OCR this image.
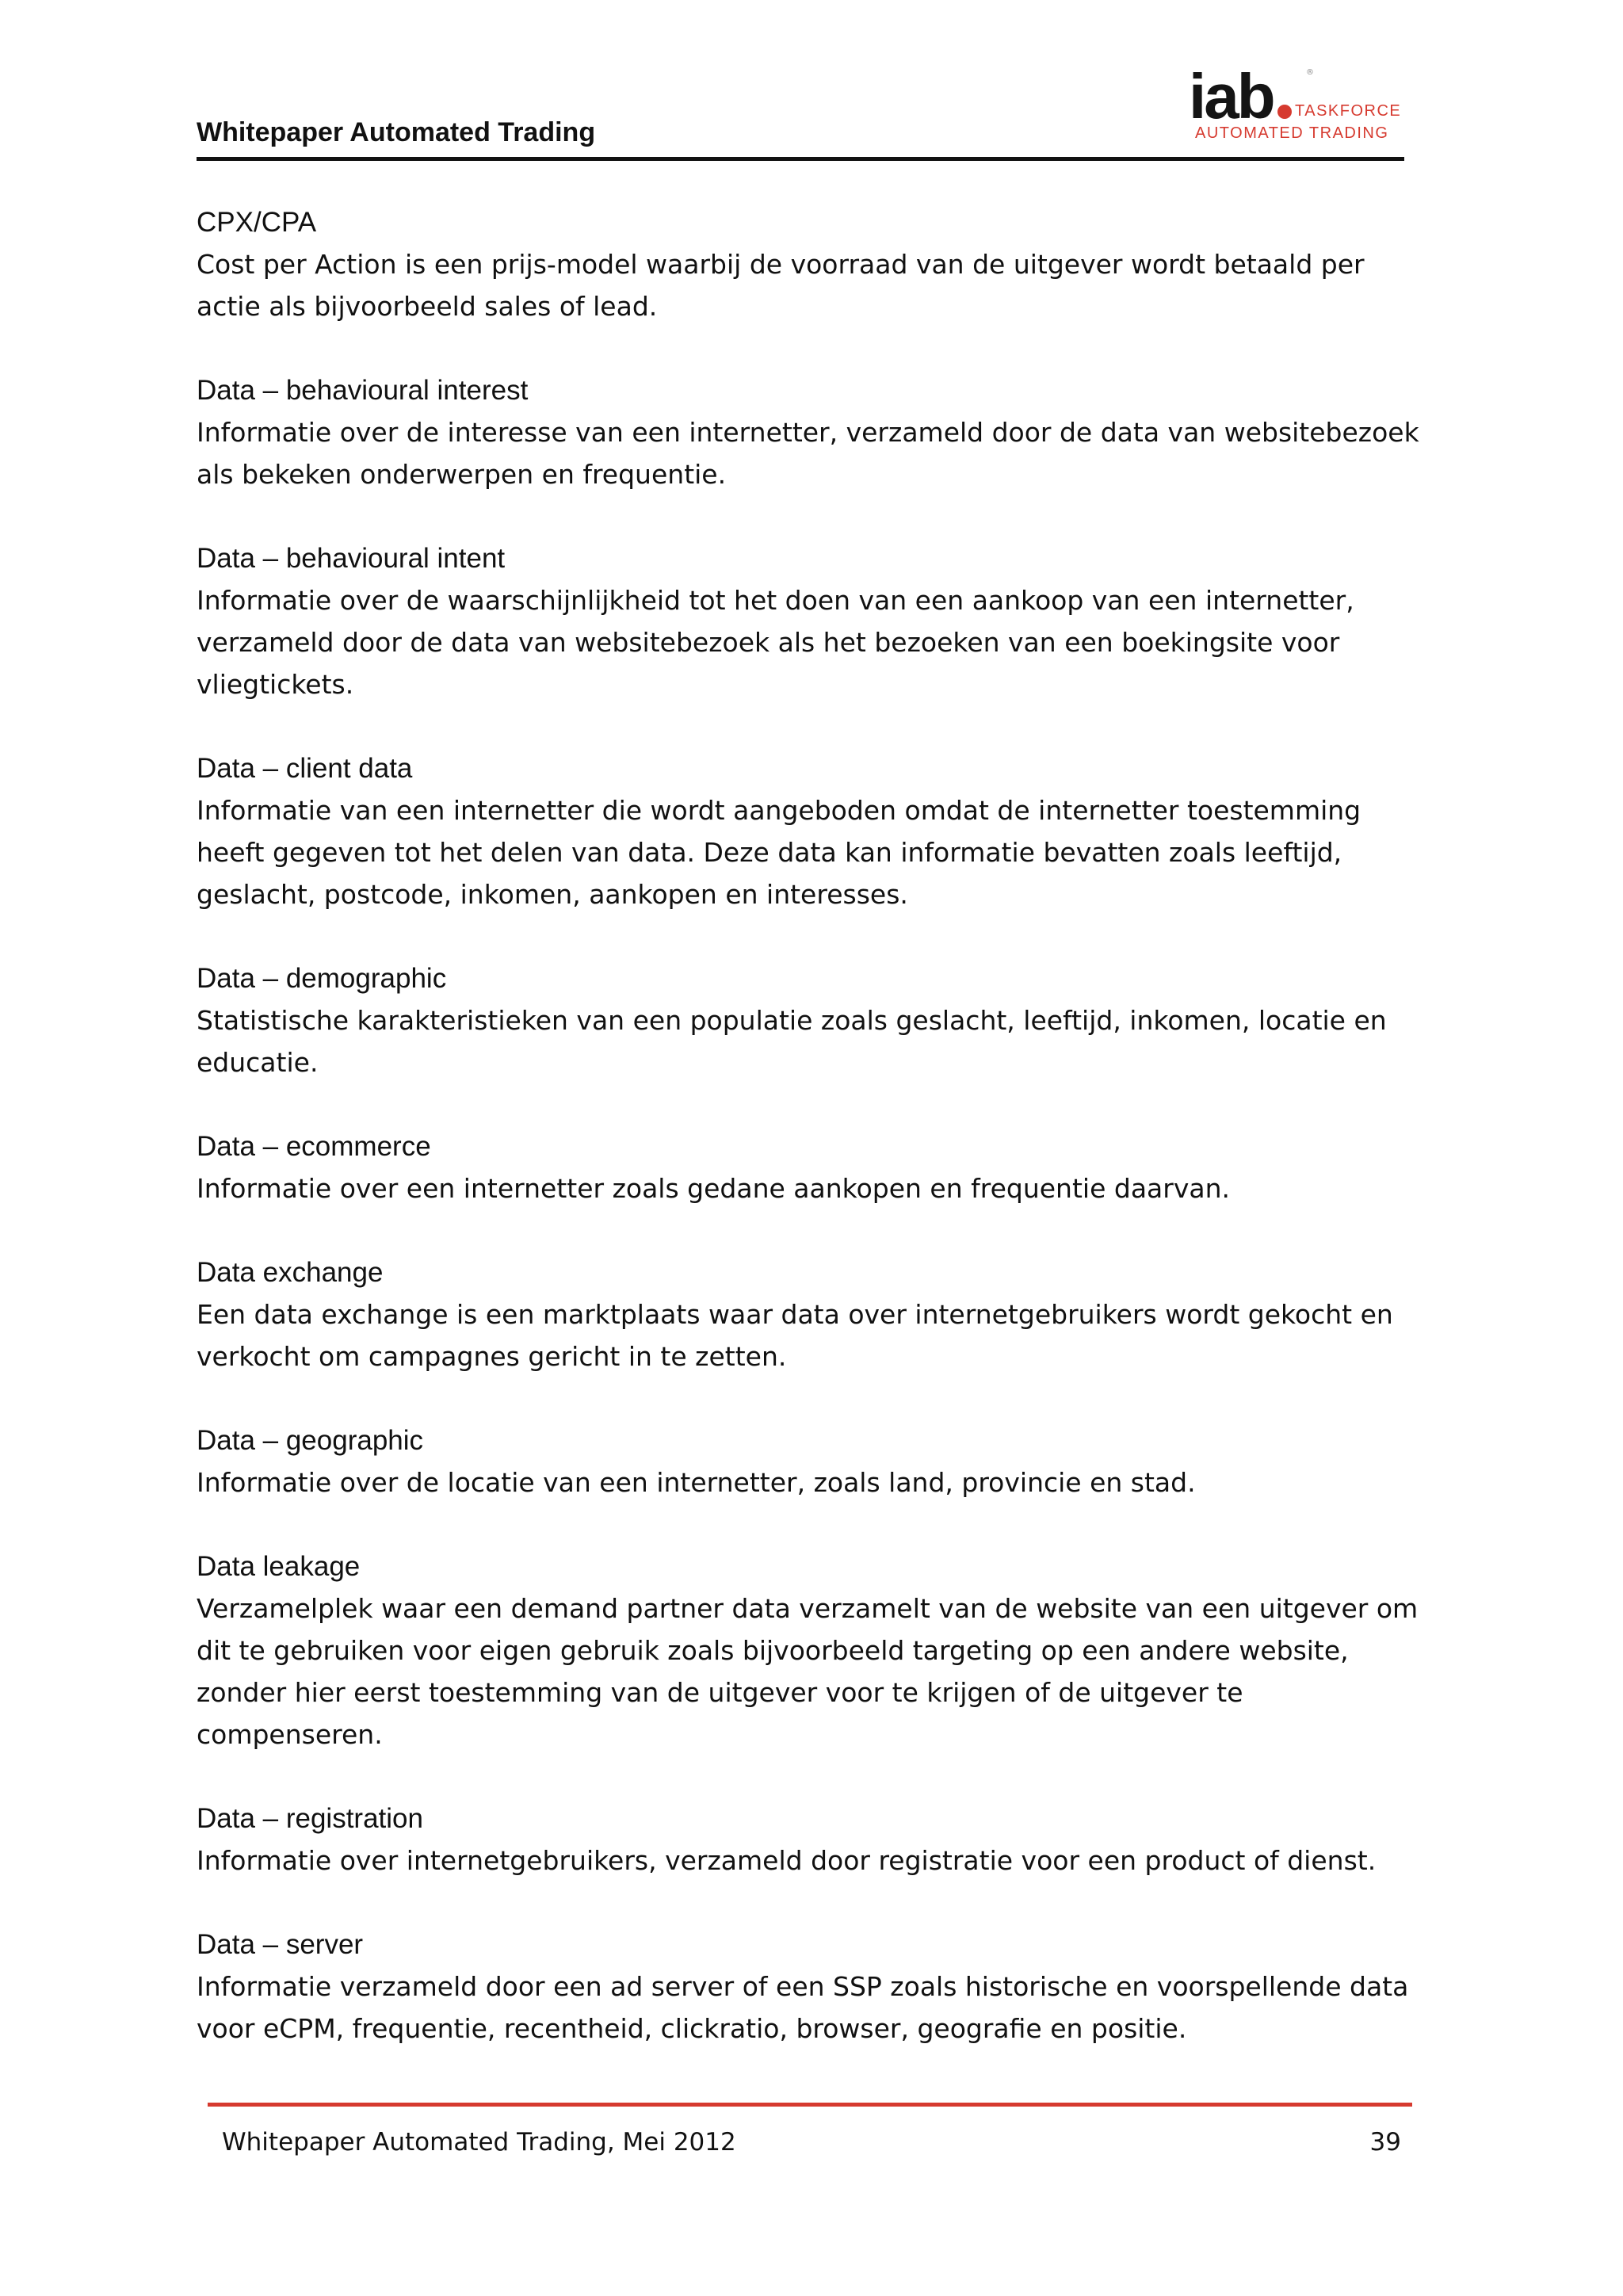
Whitepaper Automated Trading
iab	®
TASKFORCE
AUTOMATED TRADING

CPX/CPA

Cost per Action is een prijs-model waarbij de voorraad van de uitgever wordt betaald per
actie als bijvoorbeeld sales of lead.

Data – behavioural interest

Informatie over de interesse van een internetter, verzameld door de data van websitebezoek
als bekeken onderwerpen en frequentie.

Data – behavioural intent

Informatie over de waarschijnlijkheid tot het doen van een aankoop van een internetter,
verzameld door de data van websitebezoek als het bezoeken van een boekingsite voor
vliegtickets.

Data – client data

Informatie van een internetter die wordt aangeboden omdat de internetter toestemming
heeft gegeven tot het delen van data. Deze data kan informatie bevatten zoals leeftijd,
geslacht, postcode, inkomen, aankopen en interesses.

Data – demographic

Statistische karakteristieken van een populatie zoals geslacht, leeftijd, inkomen, locatie en
educatie.

Data – ecommerce

Informatie over een internetter zoals gedane aankopen en frequentie daarvan.

Data exchange

Een data exchange is een marktplaats waar data over internetgebruikers wordt gekocht en
verkocht om campagnes gericht in te zetten.

Data – geographic

Informatie over de locatie van een internetter, zoals land, provincie en stad.

Data leakage

Verzamelplek waar een demand partner data verzamelt van de website van een uitgever om
dit te gebruiken voor eigen gebruik zoals bijvoorbeeld targeting op een andere website,
zonder hier eerst toestemming van de uitgever voor te krijgen of de uitgever te
compenseren.

Data – registration

Informatie over internetgebruikers, verzameld door registratie voor een product of dienst.

Data – server

Informatie verzameld door een ad server of een SSP zoals historische en voorspellende data
voor eCPM, frequentie, recentheid, clickratio, browser, geografie en positie.

Whitepaper Automated Trading, Mei 2012	39
